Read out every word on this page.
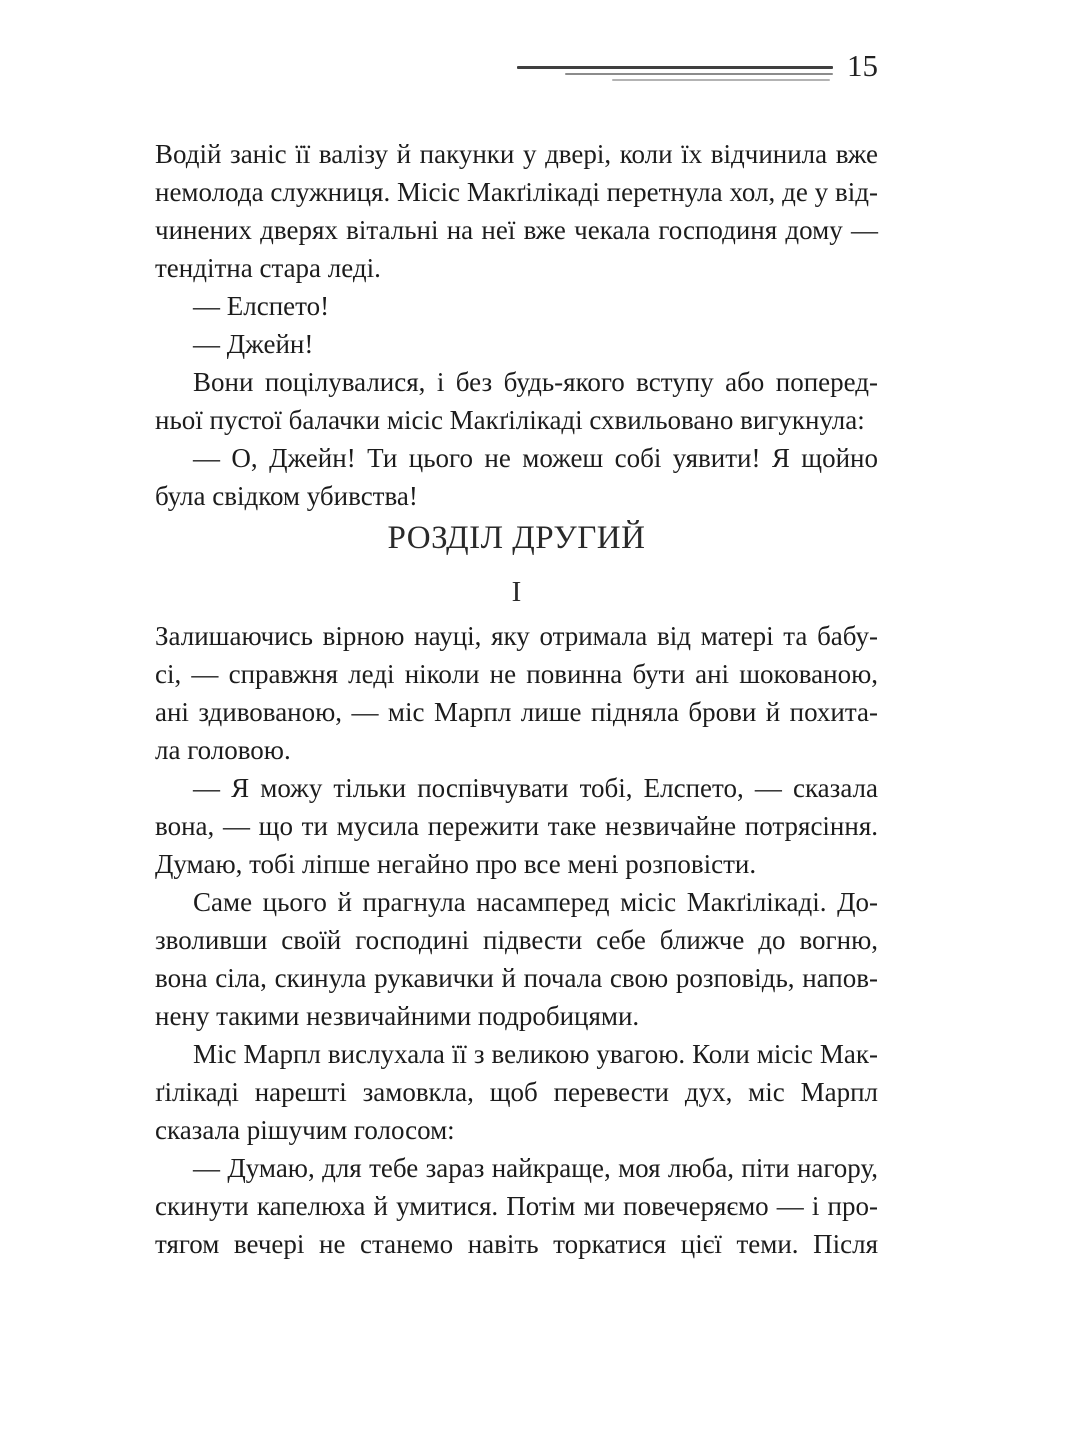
15
Водій заніс її валізу й пакунки у двері, коли їх відчинила вже
немолода служниця. Місіс Макґілікаді перетнула хол, де у від-
чинених дверях вітальні на неї вже чекала господиня дому —
тендітна стара леді.
— Елспето!
— Джейн!
Вони поцілувалися, і без будь-якого вступу або поперед-
ньої пустої балачки місіс Макґілікаді схвильовано вигукнула:
— О, Джейн! Ти цього не можеш собі уявити! Я щойно
була свідком убивства!
РОЗДІЛ ДРУГИЙ
I
Залишаючись вірною науці, яку отримала від матері та бабу-
сі, — справжня леді ніколи не повинна бути ані шокованою,
ані здивованою, — міс Марпл лише підняла брови й похита-
ла головою.
— Я можу тільки поспівчувати тобі, Елспето, — сказала
вона, — що ти мусила пережити таке незвичайне потрясіння.
Думаю, тобі ліпше негайно про все мені розповісти.
Саме цього й прагнула насамперед місіс Макґілікаді. До-
зволивши своїй господині підвести себе ближче до вогню,
вона сіла, скинула рукавички й почала свою розповідь, напов-
нену такими незвичайними подробицями.
Міс Марпл вислухала її з великою увагою. Коли місіс Мак-
ґілікаді нарешті замовкла, щоб перевести дух, міс Марпл
сказала рішучим голосом:
— Думаю, для тебе зараз найкраще, моя люба, піти нагору,
скинути капелюха й умитися. Потім ми повечеряємо — і про-
тягом вечері не станемо навіть торкатися цієї теми. Після
